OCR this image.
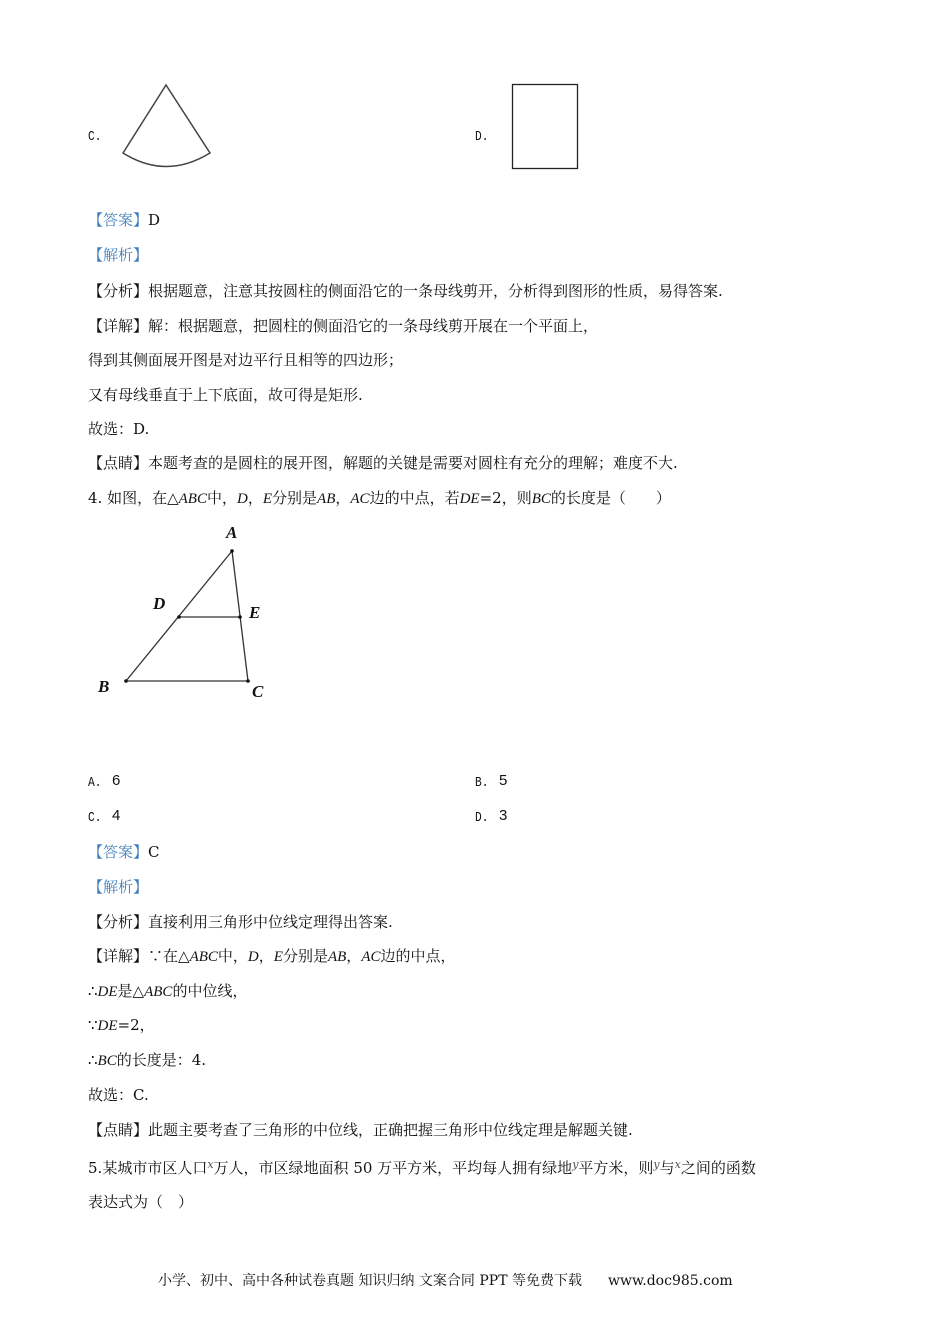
C.	D.
【答案】D
【解析】
【分析】根据题意，注意其按圆柱的侧面沿它的一条母线剪开，分析得到图形的性质，易得答案.
【详解】解：根据题意，把圆柱的侧面沿它的一条母线剪开展在一个平面上，
得到其侧面展开图是对边平行且相等的四边形；
又有母线垂直于上下底面，故可得是矩形.
故选：D.
【点睛】本题考查的是圆柱的展开图，解题的关键是需要对圆柱有充分的理解；难度不大.
4. 如图，在△ABC中，D，E分别是AB，AC边的中点，若DE=2，则BC的长度是（　　）
A
D	E
B	C
A. 6	B. 5
C. 4	D. 3
【答案】C
【解析】
【分析】直接利用三角形中位线定理得出答案.
【详解】∵在△ABC中，D，E分别是AB，AC边的中点，
∴DE是△ABC的中位线，
∵DE=2，
∴BC的长度是：4.
故选：C.
【点睛】此题主要考查了三角形的中位线，正确把握三角形中位线定理是解题关键.
5.某城市市区人口$^x$万人，市区绿地面积 50 万平方米，平均每人拥有绿地$^y$平方米，则$^y$与$^x$之间的函数
表达式为（　）
小学、初中、高中各种试卷真题 知识归纳 文案合同 PPT 等免费下载 www.doc985.com
